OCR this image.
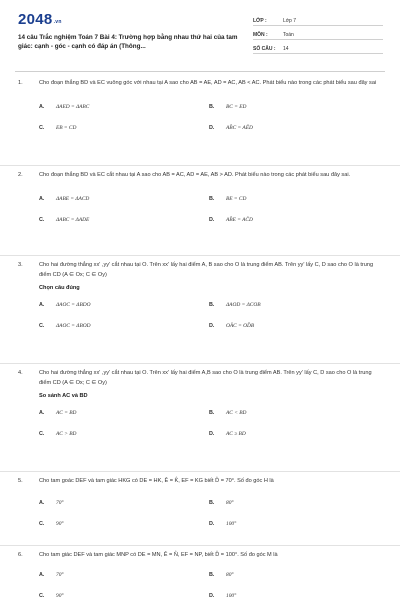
$2048^{.vn}$
14 câu Trắc nghiệm Toán 7 Bài 4: Trường hợp bằng nhau thứ hai của tam giác: cạnh - góc - cạnh có đáp án (Thông...
LỚP :	Lớp 7
MÔN :	Toán
SỐ CÂU :	14
1.	Cho đoạn thẳng BD và EC vuông góc với nhau tại A sao cho AB = AE, AD = AC, AB < AC. Phát biểu nào trong các phát biểu sau đây sai
A.	ΔAED = ΔABC	B.	BC = ED
C.	EB = CD	D.	AB̂C = AÊD
2.	Cho đoạn thẳng BD và EC cắt nhau tại A sao cho AB = AC, AD = AE, AB > AD. Phát biểu nào trong các phát biểu sau đây sai.
A.	ΔABE = ΔACD	B.	BE = CD
C.	ΔABC = ΔADE	D.	AB̂E = AĈD
3.	Cho hai đường thẳng xx' ,yy' cắt nhau tại O. Trên xx' lấy hai điểm A, B sao cho O là trung điểm AB. Trên yy' lấy C, D sao cho O là trung điểm CD (A ∈ Ox; C ∈ Oy)
Chọn câu đúng
A.	ΔAOC = ΔBDO	B.	ΔAOD = ΔCOB
C.	ΔAOC = ΔBOD	D.	OÂC = OD̂B
4.	Cho hai đường thẳng xx' ,yy' cắt nhau tại O. Trên xx' lấy hai điểm A,B sao cho O là trung điểm AB. Trên yy' lấy C, D sao cho O là trung điểm CD (A ∈ Ox; C ∈ Oy)
So sánh AC và BD
A.	AC = BD	B.	AC < BD
C.	AC > BD	D.	AC ≥ BD
5.	Cho tam goác DEF và tam giác HKG có DE = HK, Ê = K̂, EF = KG biết D̂ = 70°. Số đo góc H là
A.	70°	B.	80°
C.	90°	D.	100°
6.	Cho tam giác DEF và tam giác MNP có DE = MN, Ê = N̂, EF = NP, biết D̂ = 100°. Số đo góc M là
A.	70°	B.	80°
C.	90°	D.	100°
